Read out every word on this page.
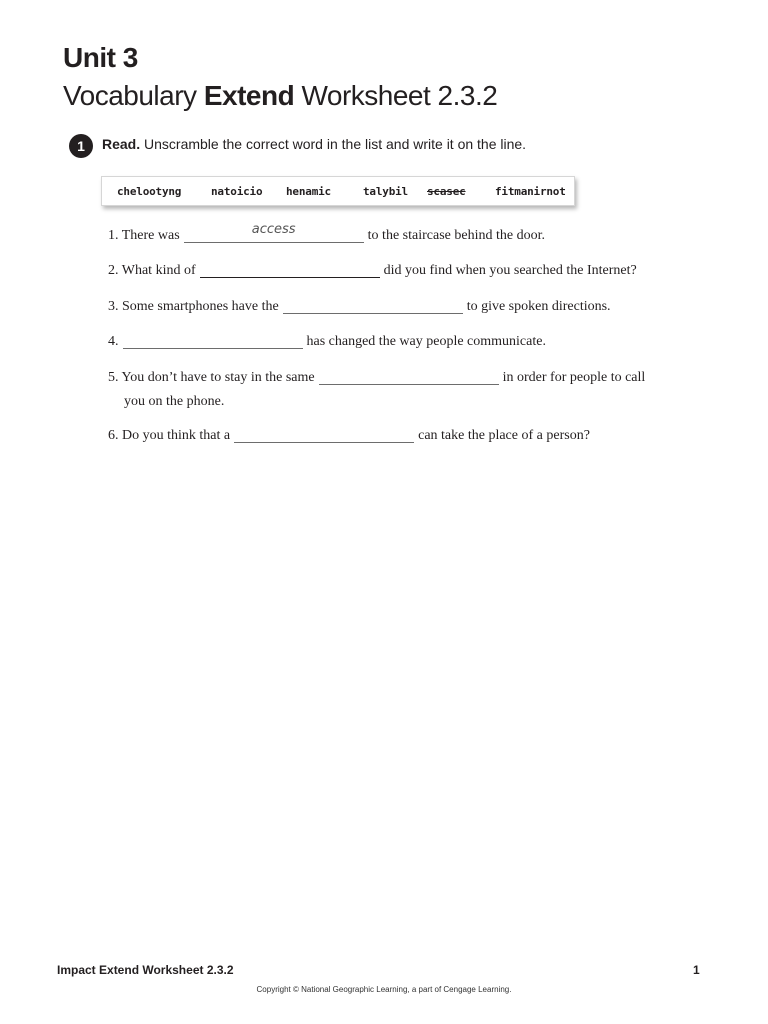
Unit 3
Vocabulary Extend Worksheet 2.3.2
1	Read. Unscramble the correct word in the list and write it on the line.

chelootyng	natoicio henamic	talybil scasec	fitmanirnot
1. There was	access	to the staircase behind the door.
2. What kind of	did you find when you searched the Internet?
3. Some smartphones have the	to give spoken directions.
4.	has changed the way people communicate.
5. You don’t have to stay in the same	in order for people to call
you on the phone.
6. Do you think that a	can take the place of a person?

Impact Extend Worksheet 2.3.2	1

Copyright © National Geographic Learning, a part of Cengage Learning.
